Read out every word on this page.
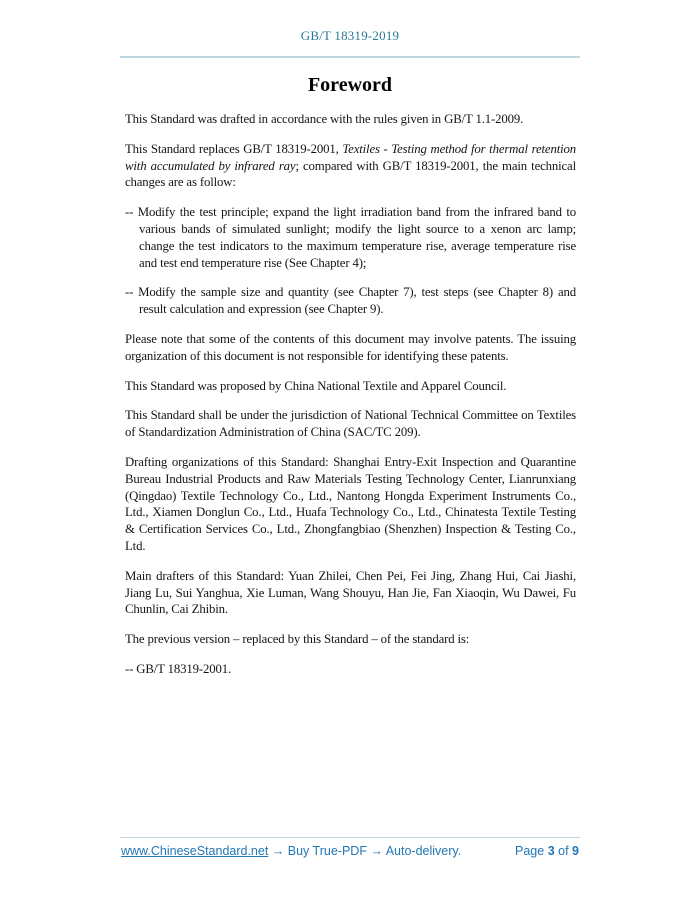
GB/T 18319-2019
Foreword

This Standard was drafted in accordance with the rules given in GB/T 1.1-2009.

This Standard replaces GB/T 18319-2001, Textiles - Testing method for thermal retention with accumulated by infrared ray; compared with GB/T 18319-2001, the main technical changes are as follow:

-- Modify the test principle; expand the light irradiation band from the infrared band to various bands of simulated sunlight; modify the light source to a xenon arc lamp; change the test indicators to the maximum temperature rise, average temperature rise and test end temperature rise (See Chapter 4);

-- Modify the sample size and quantity (see Chapter 7), test steps (see Chapter 8) and result calculation and expression (see Chapter 9).

Please note that some of the contents of this document may involve patents. The issuing organization of this document is not responsible for identifying these patents.

This Standard was proposed by China National Textile and Apparel Council.

This Standard shall be under the jurisdiction of National Technical Committee on Textiles of Standardization Administration of China (SAC/TC 209).

Drafting organizations of this Standard: Shanghai Entry-Exit Inspection and Quarantine Bureau Industrial Products and Raw Materials Testing Technology Center, Lianrunxiang (Qingdao) Textile Technology Co., Ltd., Nantong Hongda Experiment Instruments Co., Ltd., Xiamen Donglun Co., Ltd., Huafa Technology Co., Ltd., Chinatesta Textile Testing & Certification Services Co., Ltd., Zhongfangbiao (Shenzhen) Inspection & Testing Co., Ltd.

Main drafters of this Standard: Yuan Zhilei, Chen Pei, Fei Jing, Zhang Hui, Cai Jiashi, Jiang Lu, Sui Yanghua, Xie Luman, Wang Shouyu, Han Jie, Fan Xiaoqin, Wu Dawei, Fu Chunlin, Cai Zhibin.

The previous version – replaced by this Standard – of the standard is:

-- GB/T 18319-2001.

www.ChineseStandard.net → Buy True-PDF → Auto-delivery.	Page 3 of 9
